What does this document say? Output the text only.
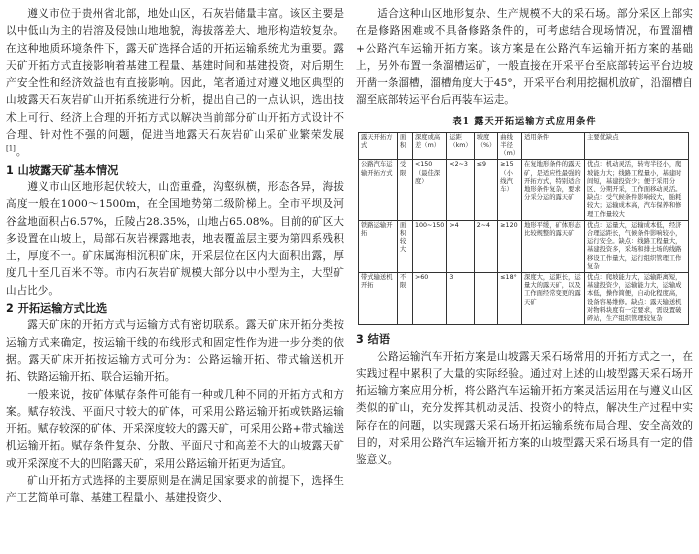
遵义市位于贵州省北部，地处山区，石灰岩储量丰富。该区主要是以中低山为主的岩溶及侵蚀山地地貌，海拔落差大、地形构造较复杂。在这种地质环境条件下，露天矿选择合适的开拓运输系统尤为重要。露天矿开拓方式直接影响着基建工程量、基建时间和基建投资，对后期生产安全性和经济效益也有直接影响。因此，笔者通过对遵义地区典型的山坡露天石灰岩矿山开拓系统进行分析，提出自己的一点认识，选出技术上可行、经济上合理的开拓方式以解决当前部分矿山开拓方式设计不合理、针对性不强的问题，促进当地露天石灰岩矿山采矿业繁荣发展[1]。

1 山坡露天矿基本情况

遵义市山区地形起伏较大，山峦重叠，沟壑纵横，形态各异，海拔高度一般在1000～1500m，在全国地势第二级阶梯上。全市平坝及河谷盆地面积占6.57%，丘陵占28.35%，山地占65.08%。目前的矿区大多设置在山坡上，局部石灰岩裸露地表，地表覆盖层主要为第四系残积土，厚度不一。矿床属海相沉积矿床，开采层位在区内大面积出露，厚度几十至几百米不等。市内石灰岩矿规模大部分以中小型为主，大型矿山占比少。

2 开拓运输方式比选

露天矿床的开拓方式与运输方式有密切联系。露天矿床开拓分类按运输方式来确定，按运输干线的布线形式和固定性作为进一步分类的依据。露天矿床开拓按运输方式可分为：公路运输开拓、带式输送机开拓、铁路运输开拓、联合运输开拓。

一般来说，按矿体赋存条件可能有一种或几种不同的开拓方式和方案。赋存较浅、平面尺寸较大的矿体，可采用公路运输开拓或铁路运输开拓。赋存较深的矿体、开采深度较大的露天矿，可采用公路+带式输送机运输开拓。赋存条件复杂、分散、平面尺寸和高差不大的山坡露天矿或开采深度不大的凹陷露天矿，采用公路运输开拓更为适宜。

矿山开拓方式选择的主要原则是在满足国家要求的前提下，选择生产工艺简单可靠、基建工程量小、基建投资少、

适合这种山区地形复杂、生产规模不大的采石场。部分采区上部实在是修路困难或不具备修路条件的，可考虑结合现场情况，布置溜槽+公路汽车运输开拓方案。该方案是在公路汽车运输开拓方案的基础上，另外布置一条溜槽运矿，一般直接在开采平台至底部转运平台边坡开凿一条溜槽，溜槽角度大于45°，开采平台利用挖掘机放矿，沿溜槽自溜至底部转运平台后再装车运走。

表1 露天开拓运输方式应用条件
露天开拓方式	面积	深度或高差（m）	运距（km）	坡度（%）	曲线半径（m）	适用条件	主要优缺点
公路汽车运输开拓方式	受限	<150（最佳深度）	<2~3	≤9	≥15（小线汽车）	在复地形条件的露天矿，是适应性最强的开拓方式，特别适合地形条件复杂，要求分采分运的露天矿	优点：机动灵活，转弯半径小，爬坡能力大；线路工程量小，基建时间短，基建投资少；便于采用分区、分期开采，工作面移动灵活。缺点：受气候条件影响较大，胎耗较大；运输成本高，汽车保养和修理工作量较大
铁路运输开拓	面积较大	100~150	>4	2~4	≥120	地形平缓，矿体形态比较规整的露天矿	优点：运量大，运输成本低，经济合理运距长，气候条件影响较小，运行安全。缺点：线路工程量大，基建投资多，采场和排土场的线路移设工作量大，运行组织管理工作复杂
带式输送机开拓	不限	>60	3		≤18°	深度大，运距长，运量大的露天矿，以及工作面经常变更的露天矿	优点：爬坡能力大，运输距离短，基建投资少，运输能力大，运输成本低，操作简便，自动化程度高，设备容易维修。缺点：露天输送机对物料块度有一定要求，需设置破碎站，生产组织管理较复杂
3 结语

公路运输汽车开拓方案是山坡露天采石场常用的开拓方式之一，在实践过程中累积了大量的实际经验。通过对上述的山坡型露天采石场开拓运输方案应用分析，将公路汽车运输开拓方案灵活运用在与遵义山区类似的矿山，充分发挥其机动灵活、投资小的特点，解决生产过程中实际存在的问题，以实现露天采石场开拓运输系统布局合理、安全高效的目的，对采用公路汽车运输开拓方案的山坡型露天采石场具有一定的借鉴意义。
